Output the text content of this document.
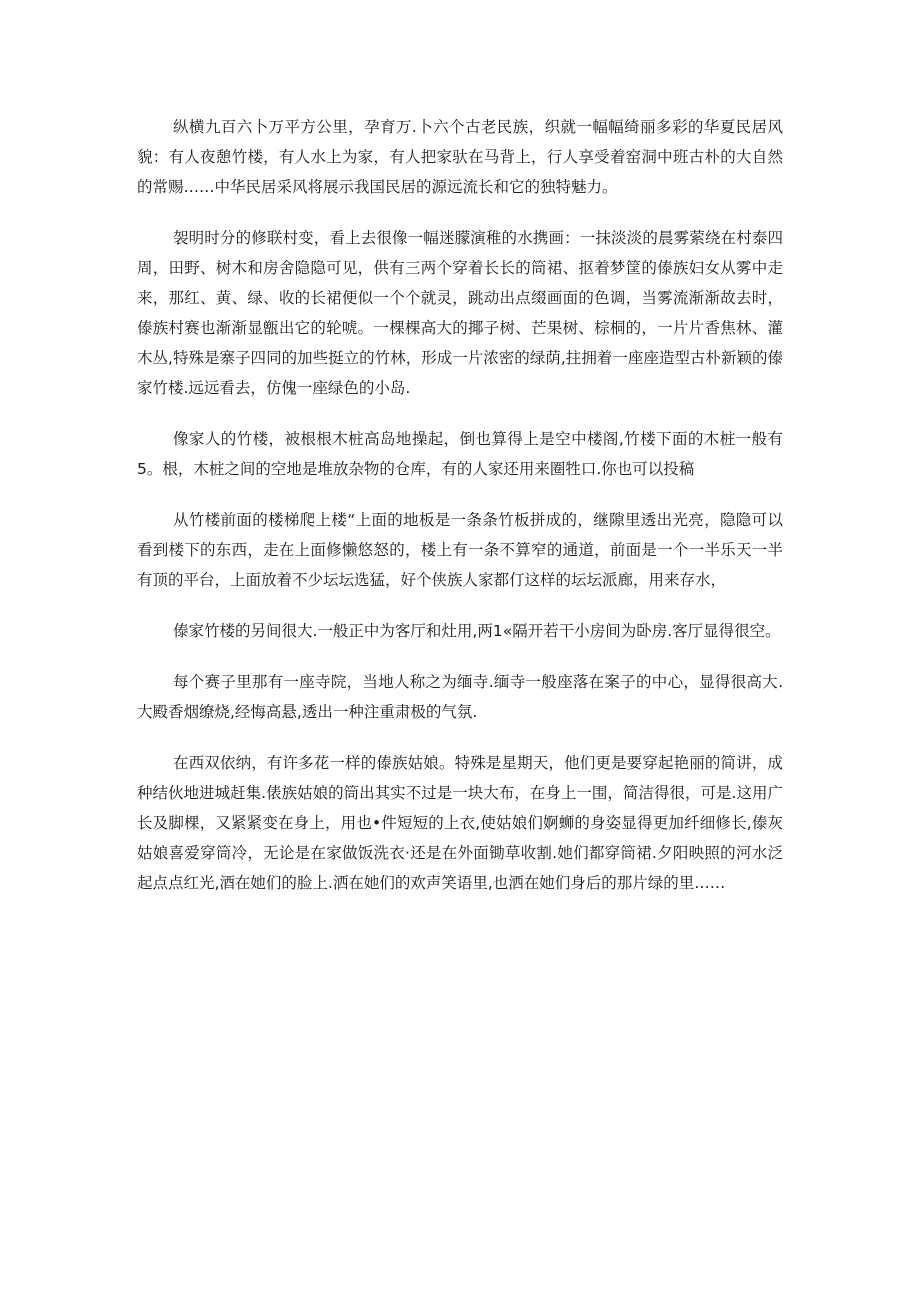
纵横九百六卜万平方公里，孕育万.卜六个古老民族，织就一幅幅绮丽多彩的华夏民居风貌：有人夜憩竹楼，有人水上为家，有人把家驮在马背上，行人享受着窑洞中班古朴的大自然的常赐……中华民居采风将展示我国民居的源远流长和它的独特魅力。

袈明时分的修联村变，看上去很像一幅迷朦演稚的水携画：一抹淡淡的晨雾萦绕在村泰四周，田野、树木和房舍隐隐可见，供有三两个穿着长长的筒裙、抠着梦筐的傣族妇女从雾中走来，那红、黄、绿、收的长裙便似一个个就灵，跳动出点缀画面的色调，当雾流渐渐故去时，傣族村赛也渐渐显甑出它的轮唬。一棵棵高大的揶子树、芒果树、棕桐的，一片片香焦林、灌木丛,特殊是寨子四同的加些挺立的竹林，形成一片浓密的绿荫,拄拥着一座座造型古朴新颖的傣家竹楼.远远看去，仿傀一座绿色的小岛.

像家人的竹楼，被根根木桩高岛地操起，倒也算得上是空中楼阁,竹楼下面的木桩一般有5。根，木桩之间的空地是堆放杂物的仓库，有的人家还用来圈牲口.你也可以投稿

从竹楼前面的楼梯爬上楼“上面的地板是一条条竹板拼成的，继隙里透出光亮，隐隐可以看到楼下的东西，走在上面修懒悠怒的，楼上有一条不算窄的通道，前面是一个一半乐天一半有顶的平台，上面放着不少坛坛选猛，好个侠族人家都仃这样的坛坛派廊，用来存水，

傣家竹楼的另间很大.一般正中为客厅和灶用,两1«隔开若干小房间为卧房.客厅显得很空。

每个赛子里那有一座寺院，当地人称之为缅寺.缅寺一般座落在案子的中心，显得很高大.大殿香烟缭烧,经悔高悬,透出一种注重肃极的气氛.

在西双依纳，有许多花一样的傣族姑娘。特殊是星期天，他们更是要穿起艳丽的简讲，成种结伙地进城赶集.俵族姑娘的筒出其实不过是一块大布，在身上一围，简洁得很，可是.这用广长及脚棵，又紧紧变在身上，用也•件短短的上衣,使姑娘们婀蛳的身姿显得更加纤细修长,傣灰姑娘喜爱穿筒冷，无论是在家做饭洗衣·还是在外面锄草收割.她们都穿筒裙.夕阳映照的河水泛起点点红光,酒在她们的脸上.洒在她们的欢声笑语里,也洒在她们身后的那片绿的里……
